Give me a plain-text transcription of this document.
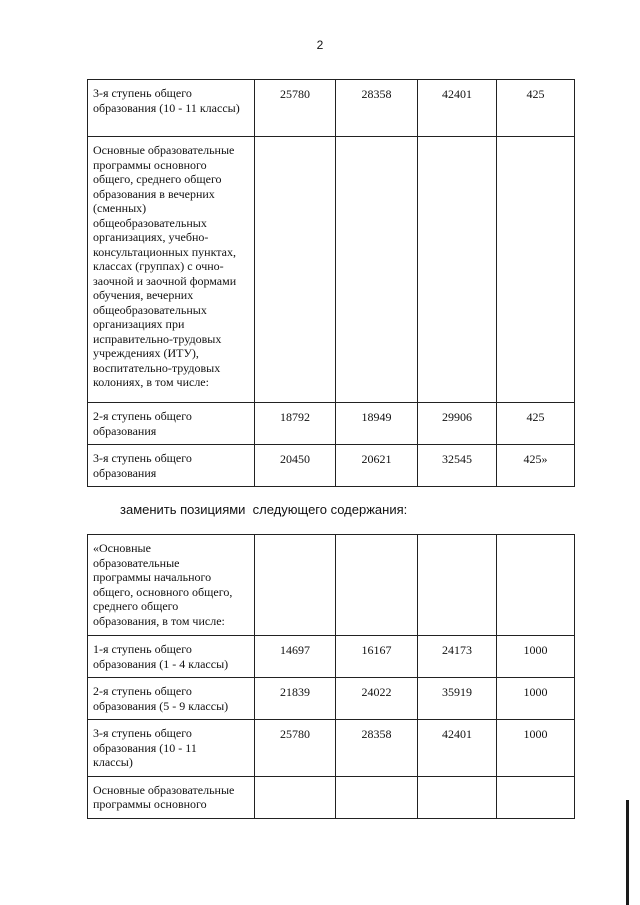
2
3-я ступень общего образования (10 - 11 классы)	25780	28358	42401	425
Основные образовательные программы основного общего, среднего общего образования в вечерних (сменных) общеобразовательных организациях, учебно-консультационных пунктах, классах (группах) с очно-заочной и заочной формами обучения, вечерних общеобразовательных организациях при исправительно-трудовых учреждениях (ИТУ), воспитательно-трудовых колониях, в том числе:				
2-я ступень общего образования	18792	18949	29906	425
3-я ступень общего образования	20450	20621	32545	425»
заменить позициями  следующего содержания:
«Основные образовательные программы начального общего, основного общего, среднего общего образования, в том числе:				

1-я ступень общего образования (1 - 4 классы)	14697	16167	24173	1000
2-я ступень общего образования (5 - 9 классы)	21839	24022	35919	1000

3-я ступень общего образования (10 - 11 классы)	25780	28358	42401	1000
Основные образовательные программы основного				
